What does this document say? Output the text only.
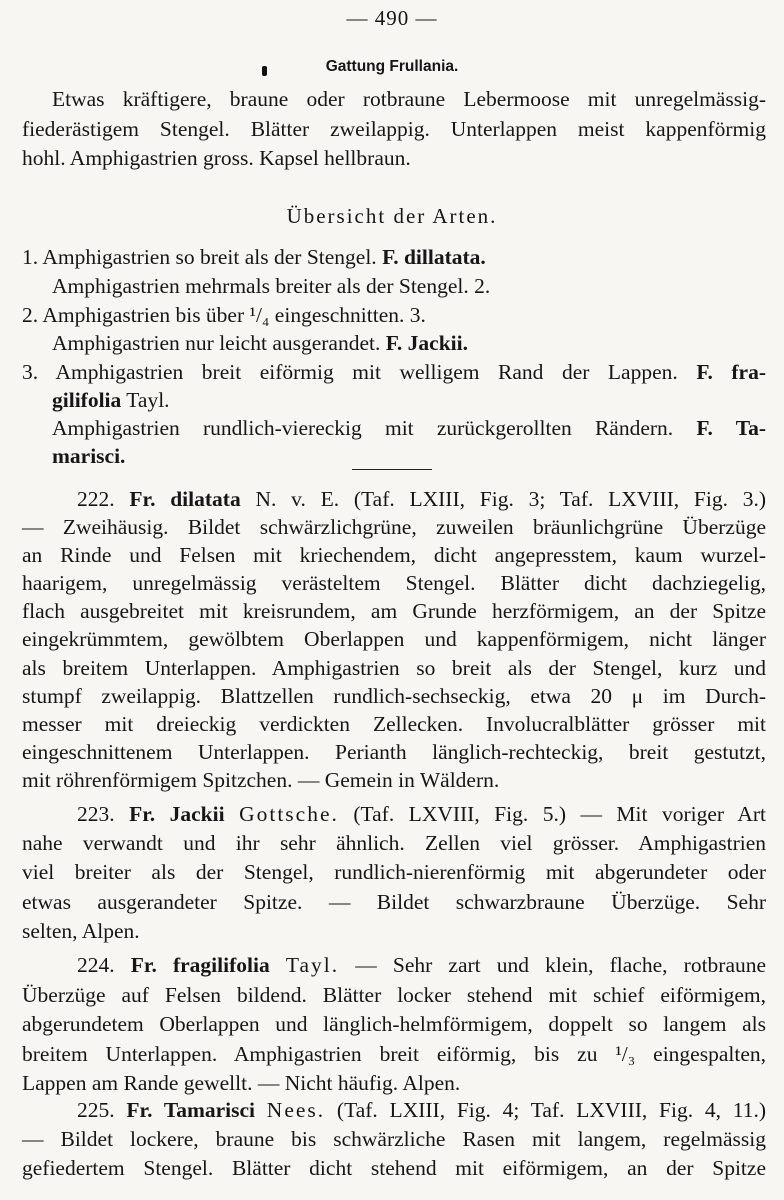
— 490 —
Gattung Frullania.
Etwas kräftigere, braune oder rotbraune Lebermoose mit unregelmässig-
fiederästigem Stengel. Blätter zweilappig. Unterlappen meist kappenförmig
hohl. Amphigastrien gross. Kapsel hellbraun.
Übersicht der Arten.
1. Amphigastrien so breit als der Stengel. F. dillatata.
Amphigastrien mehrmals breiter als der Stengel. 2.
2. Amphigastrien bis über ¹/₄ eingeschnitten. 3.
Amphigastrien nur leicht ausgerandet. F. Jackii.
3. Amphigastrien breit eiförmig mit welligem Rand der Lappen. F. fra-
gilifolia Tayl.
Amphigastrien rundlich-viereckig mit zurückgerollten Rändern. F. Ta-
marisci.
222. Fr. dilatata N. v. E. (Taf. LXIII, Fig. 3; Taf. LXVIII, Fig. 3.)
— Zweihäusig. Bildet schwärzlichgrüne, zuweilen bräunlichgrüne Überzüge
an Rinde und Felsen mit kriechendem, dicht angepresstem, kaum wurzel-
haarigem, unregelmässig verästeltem Stengel. Blätter dicht dachziegelig,
flach ausgebreitet mit kreisrundem, am Grunde herzförmigem, an der Spitze
eingekrümmtem, gewölbtem Oberlappen und kappenförmigem, nicht länger
als breitem Unterlappen. Amphigastrien so breit als der Stengel, kurz und
stumpf zweilappig. Blattzellen rundlich-sechseckig, etwa 20 μ im Durch-
messer mit dreieckig verdickten Zellecken. Involucralblätter grösser mit
eingeschnittenem Unterlappen. Perianth länglich-rechteckig, breit gestutzt,
mit röhrenförmigem Spitzchen. — Gemein in Wäldern.
223. Fr. Jackii Gottsche. (Taf. LXVIII, Fig. 5.) — Mit voriger Art
nahe verwandt und ihr sehr ähnlich. Zellen viel grösser. Amphigastrien
viel breiter als der Stengel, rundlich-nierenförmig mit abgerundeter oder
etwas ausgerandeter Spitze. — Bildet schwarzbraune Überzüge. Sehr
selten, Alpen.
224. Fr. fragilifolia Tayl. — Sehr zart und klein, flache, rotbraune
Überzüge auf Felsen bildend. Blätter locker stehend mit schief eiförmigem,
abgerundetem Oberlappen und länglich-helmförmigem, doppelt so langem als
breitem Unterlappen. Amphigastrien breit eiförmig, bis zu ¹/₃ eingespalten,
Lappen am Rande gewellt. — Nicht häufig. Alpen.
225. Fr. Tamarisci Nees. (Taf. LXIII, Fig. 4; Taf. LXVIII, Fig. 4, 11.)
— Bildet lockere, braune bis schwärzliche Rasen mit langem, regelmässig
gefiedertem Stengel. Blätter dicht stehend mit eiförmigem, an der Spitze
